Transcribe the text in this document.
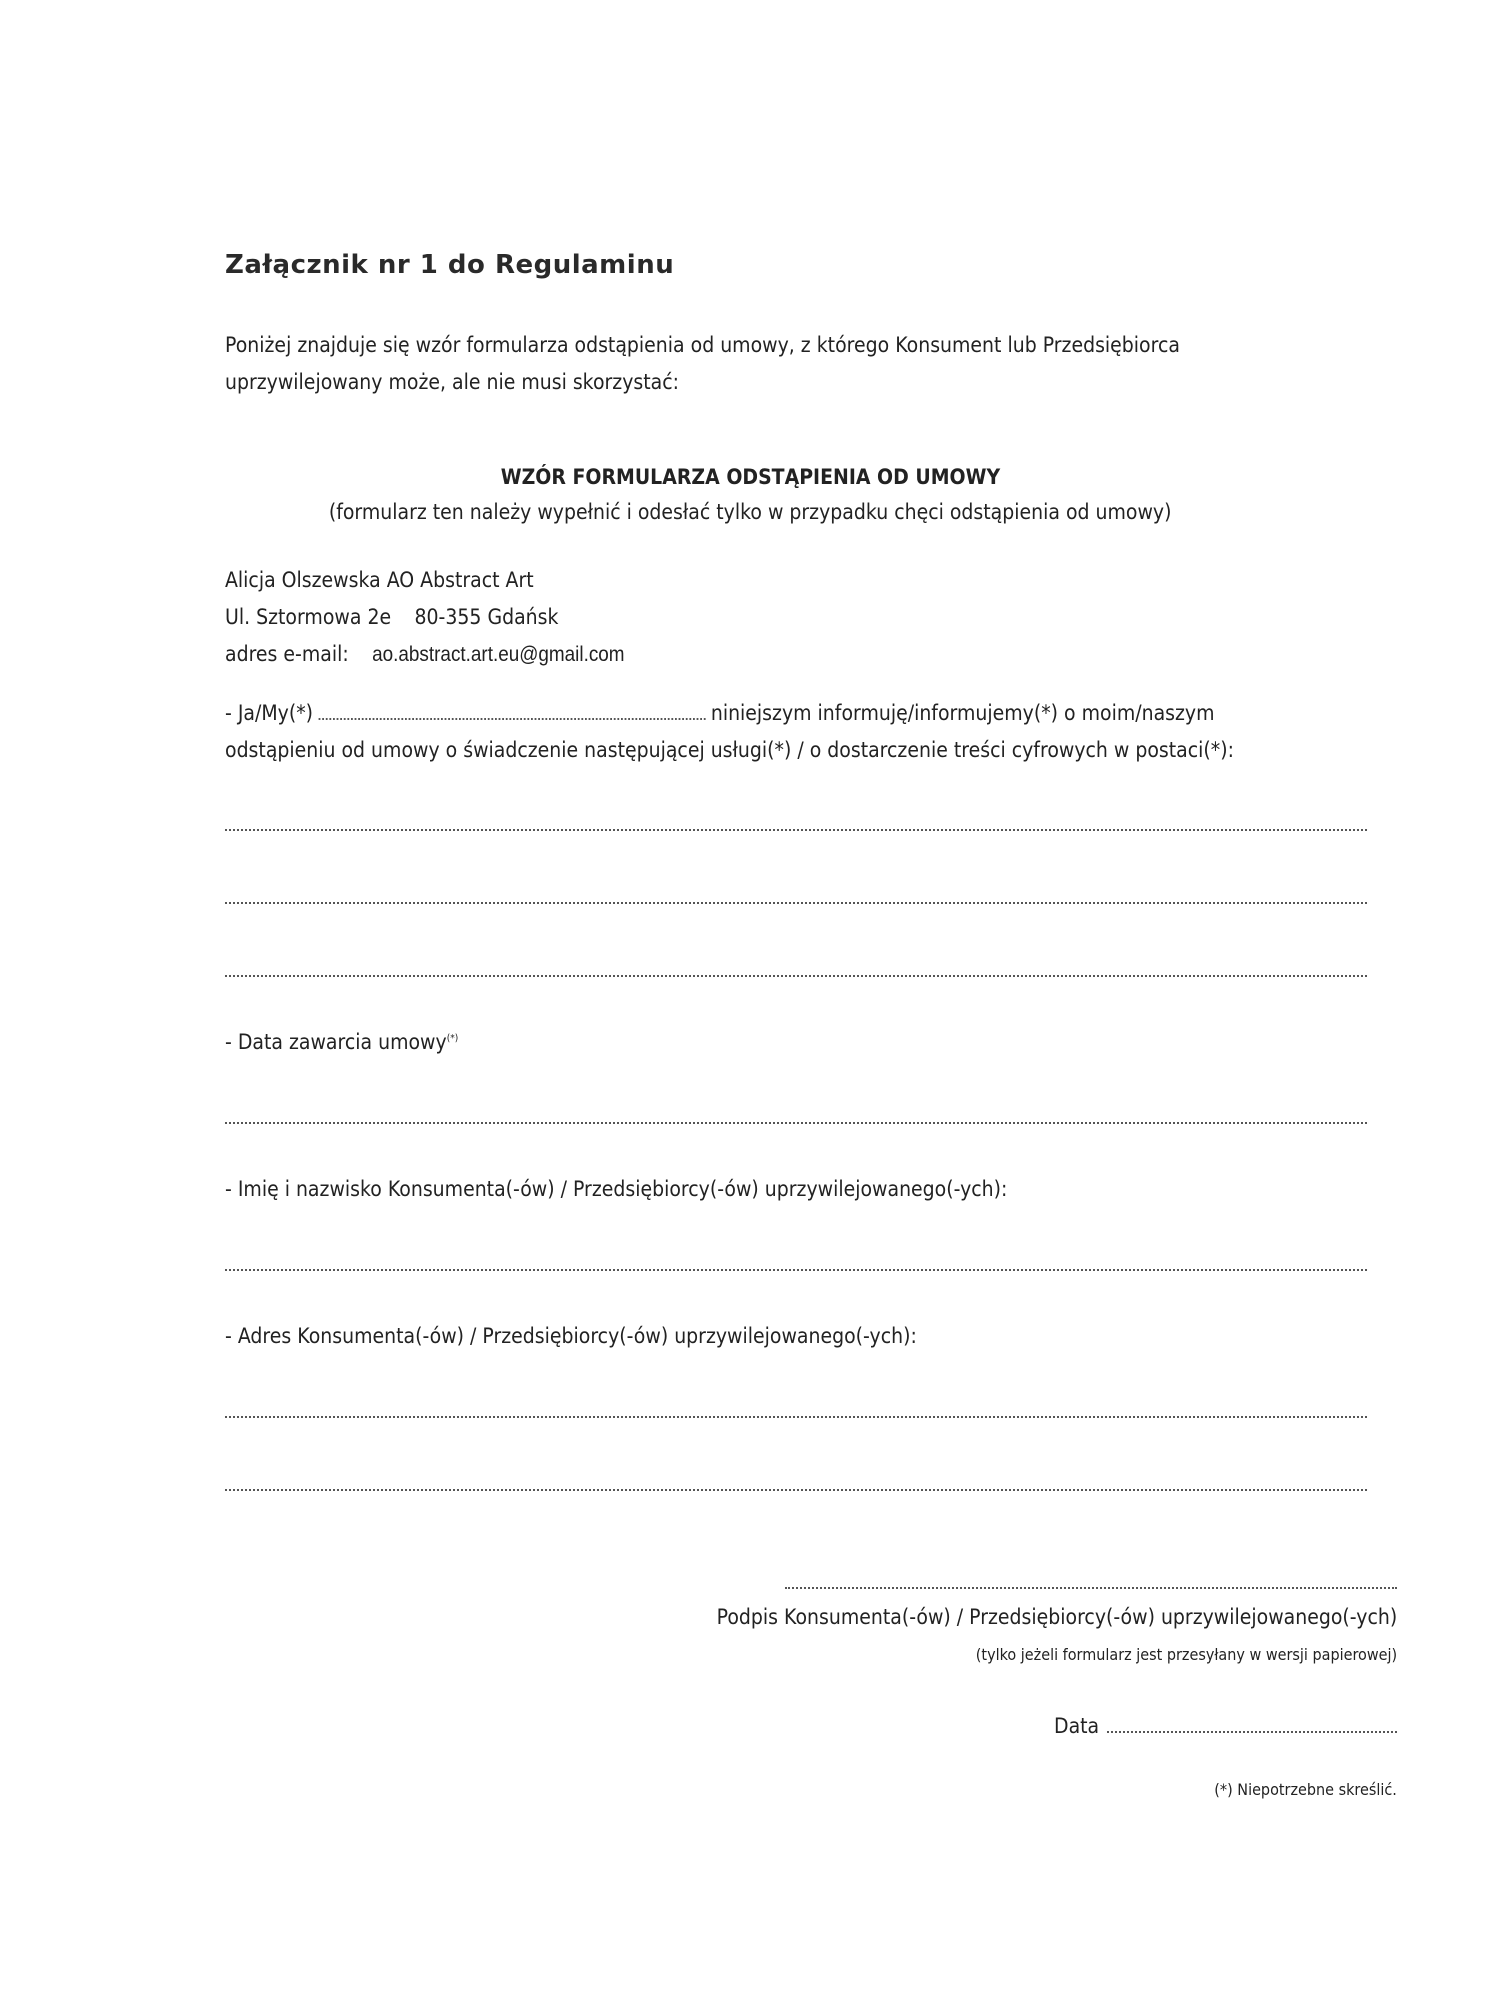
Załącznik nr 1 do Regulaminu
Poniżej znajduje się wzór formularza odstąpienia od umowy, z którego Konsument lub Przedsiębiorca
uprzywilejowany może, ale nie musi skorzystać:
WZÓR FORMULARZA ODSTĄPIENIA OD UMOWY
(formularz ten należy wypełnić i odesłać tylko w przypadku chęci odstąpienia od umowy)
Alicja Olszewska AO Abstract Art
Ul. Sztormowa 2e 80-355 Gdańsk
adres e-mail: ao.abstract.art.eu@gmail.com
- Ja/My(*)	niniejszym informuję/informujemy(*) o moim/naszym
odstąpieniu od umowy o świadczenie następującej usługi(*) / o dostarczenie treści cyfrowych w postaci(*):
- Data zawarcia umowy(*)
- Imię i nazwisko Konsumenta(-ów) / Przedsiębiorcy(-ów) uprzywilejowanego(-ych):
- Adres Konsumenta(-ów) / Przedsiębiorcy(-ów) uprzywilejowanego(-ych):
Podpis Konsumenta(-ów) / Przedsiębiorcy(-ów) uprzywilejowanego(-ych)
(tylko jeżeli formularz jest przesyłany w wersji papierowej)
Data
(*) Niepotrzebne skreślić.
